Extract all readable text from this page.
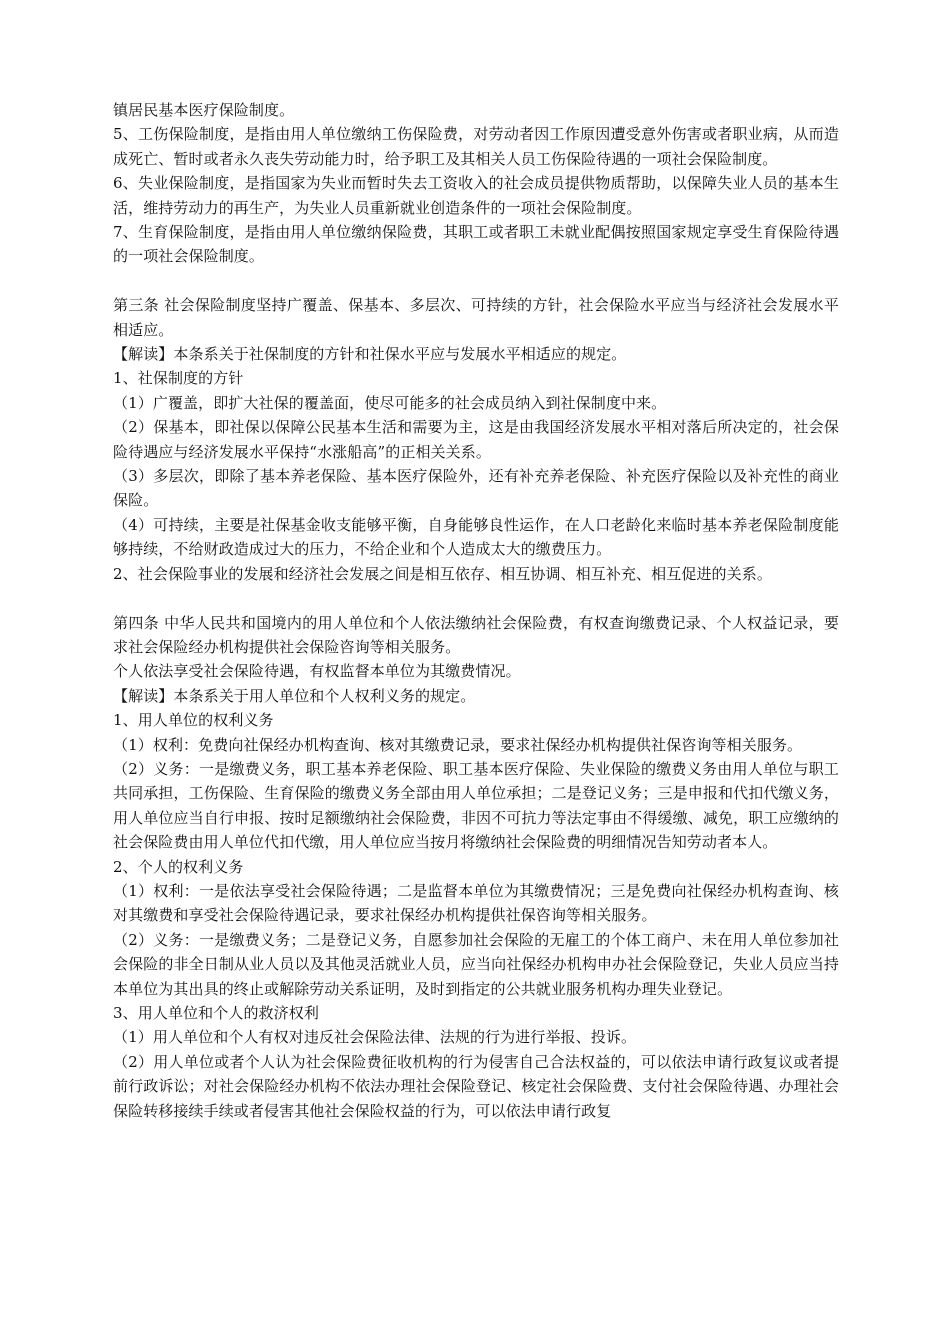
镇居民基本医疗保险制度。

5、工伤保险制度，是指由用人单位缴纳工伤保险费，对劳动者因工作原因遭受意外伤害或者职业病，从而造成死亡、暂时或者永久丧失劳动能力时，给予职工及其相关人员工伤保险待遇的一项社会保险制度。

6、失业保险制度，是指国家为失业而暂时失去工资收入的社会成员提供物质帮助，以保障失业人员的基本生活，维持劳动力的再生产，为失业人员重新就业创造条件的一项社会保险制度。

7、生育保险制度，是指由用人单位缴纳保险费，其职工或者职工未就业配偶按照国家规定享受生育保险待遇的一项社会保险制度。

第三条 社会保险制度坚持广覆盖、保基本、多层次、可持续的方针，社会保险水平应当与经济社会发展水平相适应。

【解读】本条系关于社保制度的方针和社保水平应与发展水平相适应的规定。

1、社保制度的方针

（1）广覆盖，即扩大社保的覆盖面，使尽可能多的社会成员纳入到社保制度中来。

（2）保基本，即社保以保障公民基本生活和需要为主，这是由我国经济发展水平相对落后所决定的，社会保险待遇应与经济发展水平保持“水涨船高”的正相关关系。

（3）多层次，即除了基本养老保险、基本医疗保险外，还有补充养老保险、补充医疗保险以及补充性的商业保险。

（4）可持续，主要是社保基金收支能够平衡，自身能够良性运作，在人口老龄化来临时基本养老保险制度能够持续，不给财政造成过大的压力，不给企业和个人造成太大的缴费压力。

2、社会保险事业的发展和经济社会发展之间是相互依存、相互协调、相互补充、相互促进的关系。

第四条 中华人民共和国境内的用人单位和个人依法缴纳社会保险费，有权查询缴费记录、个人权益记录，要求社会保险经办机构提供社会保险咨询等相关服务。

个人依法享受社会保险待遇，有权监督本单位为其缴费情况。

【解读】本条系关于用人单位和个人权利义务的规定。

1、用人单位的权利义务

（1）权利：免费向社保经办机构查询、核对其缴费记录，要求社保经办机构提供社保咨询等相关服务。

（2）义务：一是缴费义务，职工基本养老保险、职工基本医疗保险、失业保险的缴费义务由用人单位与职工共同承担，工伤保险、生育保险的缴费义务全部由用人单位承担；二是登记义务；三是申报和代扣代缴义务，用人单位应当自行申报、按时足额缴纳社会保险费，非因不可抗力等法定事由不得缓缴、减免，职工应缴纳的社会保险费由用人单位代扣代缴，用人单位应当按月将缴纳社会保险费的明细情况告知劳动者本人。

2、个人的权利义务

（1）权利：一是依法享受社会保险待遇；二是监督本单位为其缴费情况；三是免费向社保经办机构查询、核对其缴费和享受社会保险待遇记录，要求社保经办机构提供社保咨询等相关服务。

（2）义务：一是缴费义务；二是登记义务，自愿参加社会保险的无雇工的个体工商户、未在用人单位参加社会保险的非全日制从业人员以及其他灵活就业人员，应当向社保经办机构申办社会保险登记，失业人员应当持本单位为其出具的终止或解除劳动关系证明，及时到指定的公共就业服务机构办理失业登记。

3、用人单位和个人的救济权利

（1）用人单位和个人有权对违反社会保险法律、法规的行为进行举报、投诉。

（2）用人单位或者个人认为社会保险费征收机构的行为侵害自己合法权益的，可以依法申请行政复议或者提前行政诉讼；对社会保险经办机构不依法办理社会保险登记、核定社会保险费、支付社会保险待遇、办理社会保险转移接续手续或者侵害其他社会保险权益的行为，可以依法申请行政复
